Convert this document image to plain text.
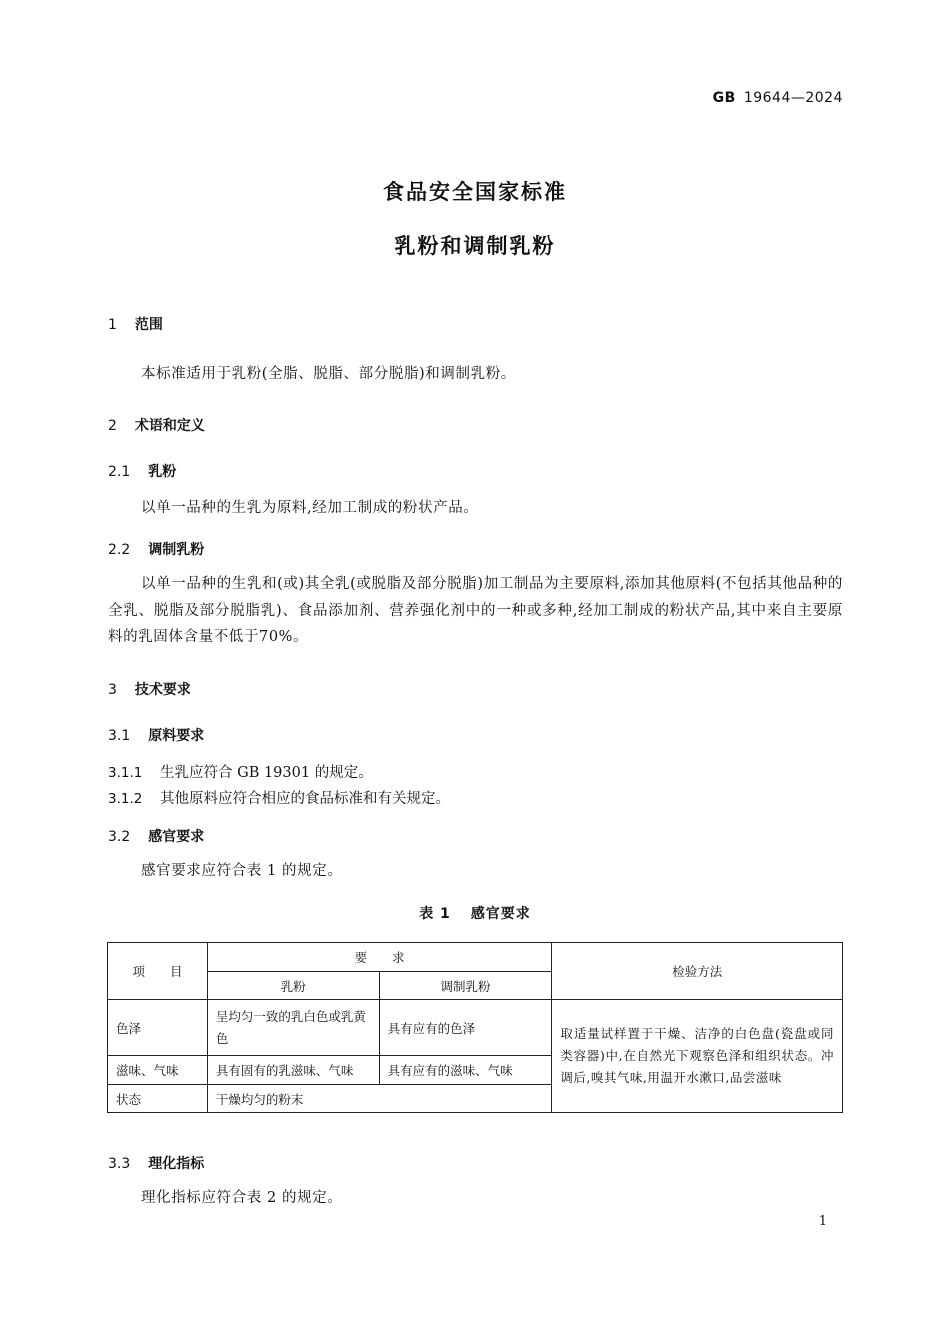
GB 19644—2024
食品安全国家标准
乳粉和调制乳粉
1 范围
本标准适用于乳粉(全脂、脱脂、部分脱脂)和调制乳粉。
2 术语和定义
2.1 乳粉
以单一品种的生乳为原料,经加工制成的粉状产品。
2.2 调制乳粉
以单一品种的生乳和(或)其全乳(或脱脂及部分脱脂)加工制品为主要原料,添加其他原料(不包括其他品种的全乳、脱脂及部分脱脂乳)、食品添加剂、营养强化剂中的一种或多种,经加工制成的粉状产品,其中来自主要原料的乳固体含量不低于70%。
3 技术要求
3.1 原料要求
3.1.1 生乳应符合 GB 19301 的规定。
3.1.2 其他原料应符合相应的食品标准和有关规定。
3.2 感官要求
感官要求应符合表 1 的规定。
表 1 感官要求
项　　目	要　　求		检验方法
	乳粉	调制乳粉	
色泽	呈均匀一致的乳白色或乳黄色	具有应有的色泽	取适量试样置于干燥、洁净的白色盘(瓷盘或同类容器)中,在自然光下观察色泽和组织状态。冲调后,嗅其气味,用温开水漱口,品尝滋味
滋味、气味	具有固有的乳滋味、气味	具有应有的滋味、气味	
状态	干燥均匀的粉末		
3.3 理化指标
理化指标应符合表 2 的规定。
1
